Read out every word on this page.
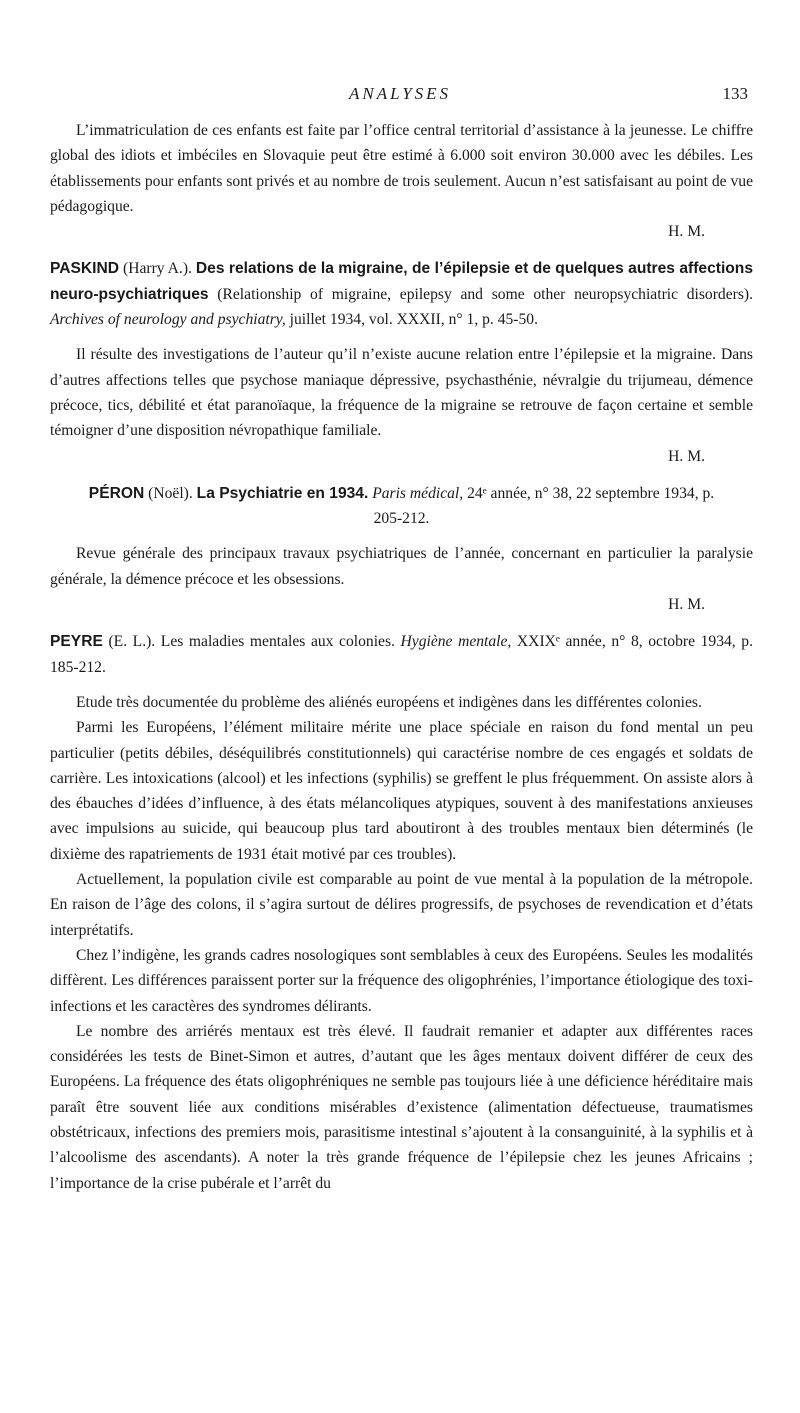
ANALYSES	133

L’immatriculation de ces enfants est faite par l’office central territorial d’assistance à la jeunesse. Le chiffre global des idiots et imbéciles en Slovaquie peut être estimé à 6.000 soit environ 30.000 avec les débiles. Les établissements pour enfants sont privés et au nombre de trois seulement. Aucun n’est satisfaisant au point de vue pédagogique.

H. M.

PASKIND (Harry A.). Des relations de la migraine, de l’épilepsie et de quelques autres affections neuro-psychiatriques (Relationship of migraine, epilepsy and some other neuropsychiatric disorders). Archives of neurology and psychiatry, juillet 1934, vol. XXXII, n° 1, p. 45-50.

Il résulte des investigations de l’auteur qu’il n’existe aucune relation entre l’épilepsie et la migraine. Dans d’autres affections telles que psychose maniaque dépressive, psychasthénie, névralgie du trijumeau, démence précoce, tics, débilité et état paranoïaque, la fréquence de la migraine se retrouve de façon certaine et semble témoigner d’une disposition névropathique familiale.

H. M.

PÉRON (Noël). La Psychiatrie en 1934. Paris médical, 24ᵉ année, n° 38, 22 septembre 1934, p. 205-212.

Revue générale des principaux travaux psychiatriques de l’année, concernant en particulier la paralysie générale, la démence précoce et les obsessions.

H. M.

PEYRE (E. L.). Les maladies mentales aux colonies. Hygiène mentale, XXIXᵉ année, n° 8, octobre 1934, p. 185-212.

Etude très documentée du problème des aliénés européens et indigènes dans les différentes colonies.

Parmi les Européens, l’élément militaire mérite une place spéciale en raison du fond mental un peu particulier (petits débiles, déséquilibrés constitutionnels) qui caractérise nombre de ces engagés et soldats de carrière. Les intoxications (alcool) et les infections (syphilis) se greffent le plus fréquemment. On assiste alors à des ébauches d’idées d’influence, à des états mélancoliques atypiques, souvent à des manifestations anxieuses avec impulsions au suicide, qui beaucoup plus tard aboutiront à des troubles mentaux bien déterminés (le dixième des rapatriements de 1931 était motivé par ces troubles).

Actuellement, la population civile est comparable au point de vue mental à la population de la métropole. En raison de l’âge des colons, il s’agira surtout de délires progressifs, de psychoses de revendication et d’états interprétatifs.

Chez l’indigène, les grands cadres nosologiques sont semblables à ceux des Européens. Seules les modalités diffèrent. Les différences paraissent porter sur la fréquence des oligophrénies, l’importance étiologique des toxi-infections et les caractères des syndromes délirants.

Le nombre des arriérés mentaux est très élevé. Il faudrait remanier et adapter aux différentes races considérées les tests de Binet-Simon et autres, d’autant que les âges mentaux doivent différer de ceux des Européens. La fréquence des états oligophréniques ne semble pas toujours liée à une déficience héréditaire mais paraît être souvent liée aux conditions misérables d’existence (alimentation défectueuse, traumatismes obstétricaux, infections des premiers mois, parasitisme intestinal s’ajoutent à la consanguinité, à la syphilis et à l’alcoolisme des ascendants). A noter la très grande fréquence de l’épilepsie chez les jeunes Africains ; l’importance de la crise pubérale et l’arrêt du
